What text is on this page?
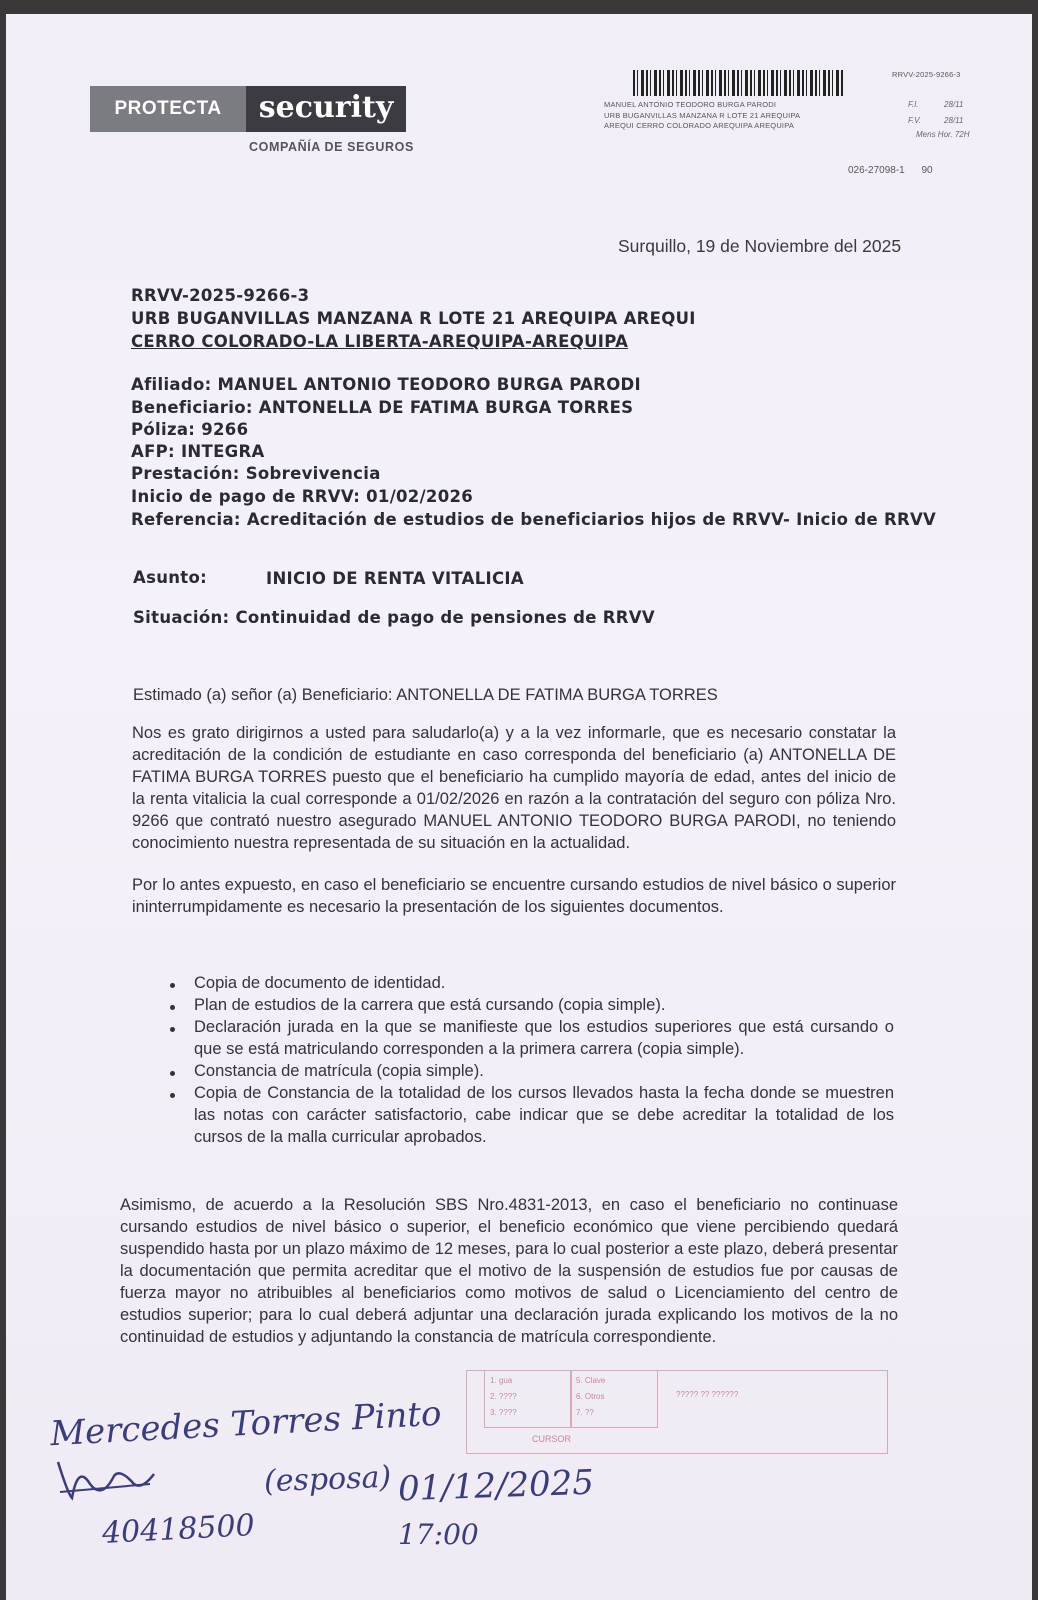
PROTECTA	security
COMPAÑÍA DE SEGUROS
RRVV-2025-9266-3
MANUEL ANTONIO TEODORO BURGA PARODI
URB BUGANVILLAS MANZANA R LOTE 21 AREQUIPA
AREQUI CERRO COLORADO AREQUIPA AREQUIPA
F.I.	28/11
F.V.	28/11
Mens Hor. 72H
026-27098-1 90
Surquillo, 19 de Noviembre del 2025
RRVV-2025-9266-3
URB BUGANVILLAS MANZANA R LOTE 21 AREQUIPA AREQUI
CERRO COLORADO-LA LIBERTA-AREQUIPA-AREQUIPA
Afiliado: MANUEL ANTONIO TEODORO BURGA PARODI
Beneficiario: ANTONELLA DE FATIMA BURGA TORRES
Póliza: 9266
AFP: INTEGRA
Prestación: Sobrevivencia
Inicio de pago de RRVV: 01/02/2026
Referencia: Acreditación de estudios de beneficiarios hijos de RRVV- Inicio de RRVV
Asunto:	INICIO DE RENTA VITALICIA
Situación: Continuidad de pago de pensiones de RRVV
Estimado (a) señor (a) Beneficiario: ANTONELLA DE FATIMA BURGA TORRES
Nos es grato dirigirnos a usted para saludarlo(a) y a la vez informarle, que es necesario constatar la acreditación de la condición de estudiante en caso corresponda del beneficiario (a) ANTONELLA DE FATIMA BURGA TORRES puesto que el beneficiario ha cumplido mayoría de edad, antes del inicio de la renta vitalicia la cual corresponde a 01/02/2026 en razón a la contratación del seguro con póliza Nro. 9266 que contrató nuestro asegurado MANUEL ANTONIO TEODORO BURGA PARODI, no teniendo conocimiento nuestra representada de su situación en la actualidad.
Por lo antes expuesto, en caso el beneficiario se encuentre cursando estudios de nivel básico o superior ininterrumpidamente es necesario la presentación de los siguientes documentos.
Copia de documento de identidad.
Plan de estudios de la carrera que está cursando (copia simple).
Declaración jurada en la que se manifieste que los estudios superiores que está cursando o que se está matriculando corresponden a la primera carrera (copia simple).
Constancia de matrícula (copia simple).
Copia de Constancia de la totalidad de los cursos llevados hasta la fecha donde se muestren las notas con carácter satisfactorio, cabe indicar que se debe acreditar la totalidad de los cursos de la malla curricular aprobados.
Asimismo, de acuerdo a la Resolución SBS Nro.4831-2013, en caso el beneficiario no continuase cursando estudios de nivel básico o superior, el beneficio económico que viene percibiendo quedará suspendido hasta por un plazo máximo de 12 meses, para lo cual posterior a este plazo, deberá presentar la documentación que permita acreditar que el motivo de la suspensión de estudios fue por causas de fuerza mayor no atribuibles al beneficiarios como motivos de salud o Licenciamiento del centro de estudios superior; para lo cual deberá adjuntar una declaración jurada explicando los motivos de la no continuidad de estudios y adjuntando la constancia de matrícula correspondiente.
1. gua
2. ????
3. ????
5. Clave
6. Otros
7. ??
CURSOR
????? ?? ??????
Mercedes Torres Pinto
(esposa) 01/12/2025
40418500	17:00
